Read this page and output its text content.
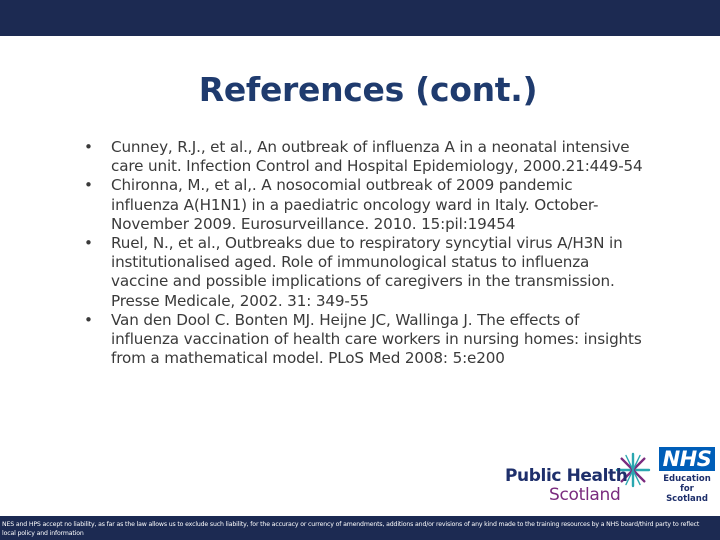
References (cont.)
• Cunney, R.J., et al., An outbreak of influenza A in a neonatal intensive care unit. Infection Control and Hospital Epidemiology, 2000.21:449-54
• Chironna, M., et al,. A nosocomial outbreak of 2009 pandemic influenza A(H1N1) in a paediatric oncology ward in Italy. October-November 2009. Eurosurveillance. 2010. 15:pil:19454
• Ruel, N., et al., Outbreaks due to respiratory syncytial virus A/H3N in institutionalised aged. Role of immunological status to influenza vaccine and possible implications of caregivers in the transmission. Presse Medicale, 2002. 31: 349-55
• Van den Dool C. Bonten MJ. Heijne JC, Wallinga J. The effects of influenza vaccination of health care workers in nursing homes: insights from a mathematical model. PLoS Med 2008: 5:e200
Public Health
Scotland
NHS
Education
for
Scotland
NES and HPS accept no liability, as far as the law allows us to exclude such liability, for the accuracy or currency of amendments, additions and/or revisions of any kind made to the training resources by a NHS board/third party to reflect local policy and information
